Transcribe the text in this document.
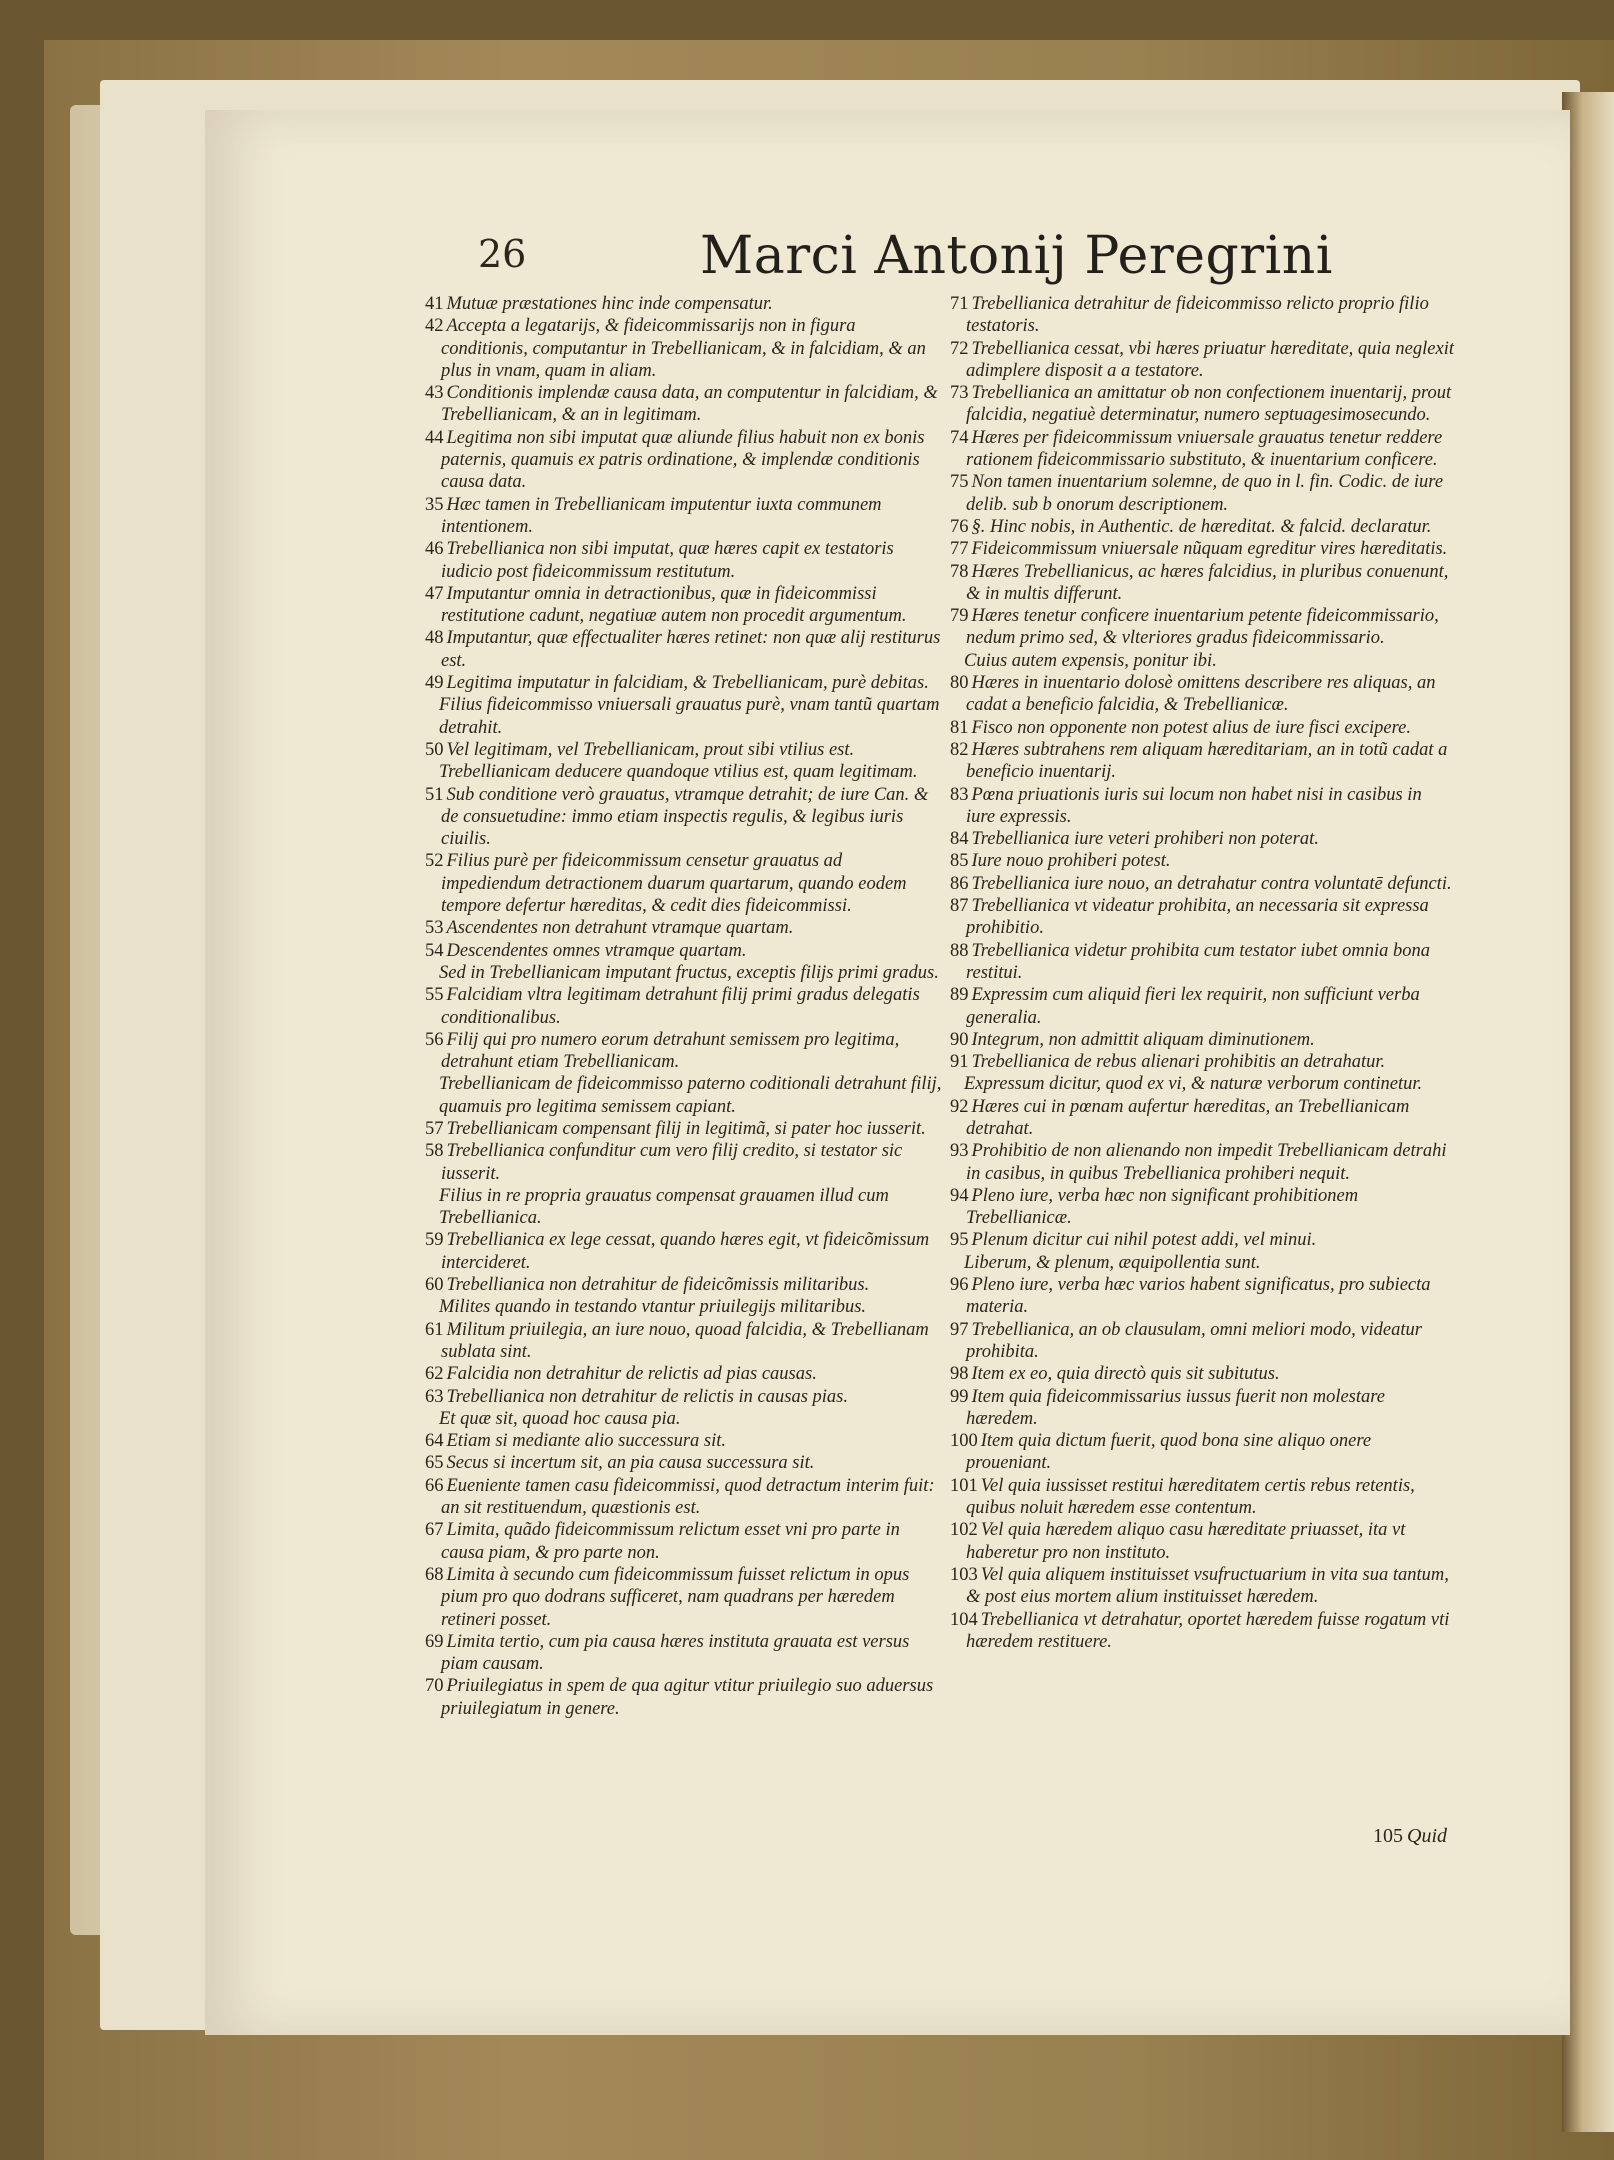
26	Marci Antonij Peregrini

41 Mutuæ præstationes hinc inde compensatur.

42 Accepta a legatarijs, & fideicommissarijs non in figura conditionis, computantur in Trebellianicam, & in falcidiam, & an plus in vnam, quam in aliam.

43 Conditionis implendæ causa data, an computentur in falcidiam, & Trebellianicam, & an in legitimam.

44 Legitima non sibi imputat quæ aliunde filius habuit non ex bonis paternis, quamuis ex patris ordinatione, & implendæ conditionis causa data.

35 Hæc tamen in Trebellianicam imputentur iuxta communem intentionem.

46 Trebellianica non sibi imputat, quæ hæres capit ex testatoris iudicio post fideicommissum restitutum.

47 Imputantur omnia in detractionibus, quæ in fideicommissi restitutione cadunt, negatiuæ autem non procedit argumentum.

48 Imputantur, quæ effectualiter hæres retinet: non quæ alij restiturus est.

49 Legitima imputatur in falcidiam, & Trebellianicam, purè debitas.

Filius fideicommisso vniuersali grauatus purè, vnam tantũ quartam detrahit.

50 Vel legitimam, vel Trebellianicam, prout sibi vtilius est.

Trebellianicam deducere quandoque vtilius est, quam legitimam.

51 Sub conditione verò grauatus, vtramque detrahit; de iure Can. & de consuetudine: immo etiam inspectis regulis, & legibus iuris ciuilis.

52 Filius purè per fideicommissum censetur grauatus ad impediendum detractionem duarum quartarum, quando eodem tempore defertur hæreditas, & cedit dies fideicommissi.

53 Ascendentes non detrahunt vtramque quartam.

54 Descendentes omnes vtramque quartam.

Sed in Trebellianicam imputant fructus, exceptis filijs primi gradus.

55 Falcidiam vltra legitimam detrahunt filij primi gradus delegatis conditionalibus.

56 Filij qui pro numero eorum detrahunt semissem pro legitima, detrahunt etiam Trebellianicam.

Trebellianicam de fideicommisso paterno coditionali detrahunt filij, quamuis pro legitima semissem capiant.

57 Trebellianicam compensant filij in legitimã, si pater hoc iusserit.

58 Trebellianica confunditur cum vero filij credito, si testator sic iusserit.

Filius in re propria grauatus compensat grauamen illud cum Trebellianica.

59 Trebellianica ex lege cessat, quando hæres egit, vt fideicõmissum intercideret.

60 Trebellianica non detrahitur de fideicõmissis militaribus.

Milites quando in testando vtantur priuilegijs militaribus.

61 Militum priuilegia, an iure nouo, quoad falcidia, & Trebellianam sublata sint.

62 Falcidia non detrahitur de relictis ad pias causas.

63 Trebellianica non detrahitur de relictis in causas pias.

Et quæ sit, quoad hoc causa pia.

64 Etiam si mediante alio successura sit.

65 Secus si incertum sit, an pia causa successura sit.

66 Eueniente tamen casu fideicommissi, quod detractum interim fuit: an sit restituendum, quæstionis est.

67 Limita, quãdo fideicommissum relictum esset vni pro parte in causa piam, & pro parte non.

68 Limita à secundo cum fideicommissum fuisset relictum in opus pium pro quo dodrans sufficeret, nam quadrans per hæredem retineri posset.

69 Limita tertio, cum pia causa hæres instituta grauata est versus piam causam.

70 Priuilegiatus in spem de qua agitur vtitur priuilegio suo aduersus priuilegiatum in genere.

71 Trebellianica detrahitur de fideicommisso relicto proprio filio testatoris.

72 Trebellianica cessat, vbi hæres priuatur hæreditate, quia neglexit adimplere disposit a a testatore.

73 Trebellianica an amittatur ob non confectionem inuentarij, prout falcidia, negatiuè determinatur, numero septuagesimosecundo.

74 Hæres per fideicommissum vniuersale grauatus tenetur reddere rationem fideicommissario substituto, & inuentarium conficere.

75 Non tamen inuentarium solemne, de quo in l. fin. Codic. de iure delib. sub b onorum descriptionem.

76 §. Hinc nobis, in Authentic. de hæreditat. & falcid. declaratur.

77 Fideicommissum vniuersale nũquam egreditur vires hæreditatis.

78 Hæres Trebellianicus, ac hæres falcidius, in pluribus conuenunt, & in multis differunt.

79 Hæres tenetur conficere inuentarium petente fideicommissario, nedum primo sed, & vlteriores gradus fideicommissario.

Cuius autem expensis, ponitur ibi.

80 Hæres in inuentario dolosè omittens describere res aliquas, an cadat a beneficio falcidia, & Trebellianicæ.

81 Fisco non opponente non potest alius de iure fisci excipere.

82 Hæres subtrahens rem aliquam hæreditariam, an in totũ cadat a beneficio inuentarij.

83 Pœna priuationis iuris sui locum non habet nisi in casibus in iure expressis.

84 Trebellianica iure veteri prohiberi non poterat.

85 Iure nouo prohiberi potest.

86 Trebellianica iure nouo, an detrahatur contra voluntatē defuncti.

87 Trebellianica vt videatur prohibita, an necessaria sit expressa prohibitio.

88 Trebellianica videtur prohibita cum testator iubet omnia bona restitui.

89 Expressim cum aliquid fieri lex requirit, non sufficiunt verba generalia.

90 Integrum, non admittit aliquam diminutionem.

91 Trebellianica de rebus alienari prohibitis an detrahatur.

Expressum dicitur, quod ex vi, & naturæ verborum continetur.

92 Hæres cui in pœnam aufertur hæreditas, an Trebellianicam detrahat.

93 Prohibitio de non alienando non impedit Trebellianicam detrahi in casibus, in quibus Trebellianica prohiberi nequit.

94 Pleno iure, verba hæc non significant prohibitionem Trebellianicæ.

95 Plenum dicitur cui nihil potest addi, vel minui.

Liberum, & plenum, æquipollentia sunt.

96 Pleno iure, verba hæc varios habent significatus, pro subiecta materia.

97 Trebellianica, an ob clausulam, omni meliori modo, videatur prohibita.

98 Item ex eo, quia directò quis sit subitutus.

99 Item quia fideicommissarius iussus fuerit non molestare hæredem.

100 Item quia dictum fuerit, quod bona sine aliquo onere proueniant.

101 Vel quia iussisset restitui hæreditatem certis rebus retentis, quibus noluit hæredem esse contentum.

102 Vel quia hæredem aliquo casu hæreditate priuasset, ita vt haberetur pro non instituto.

103 Vel quia aliquem instituisset vsufructuarium in vita sua tantum, & post eius mortem alium instituisset hæredem.

104 Trebellianica vt detrahatur, oportet hæredem fuisse rogatum vti hæredem restituere.

105 Quid
